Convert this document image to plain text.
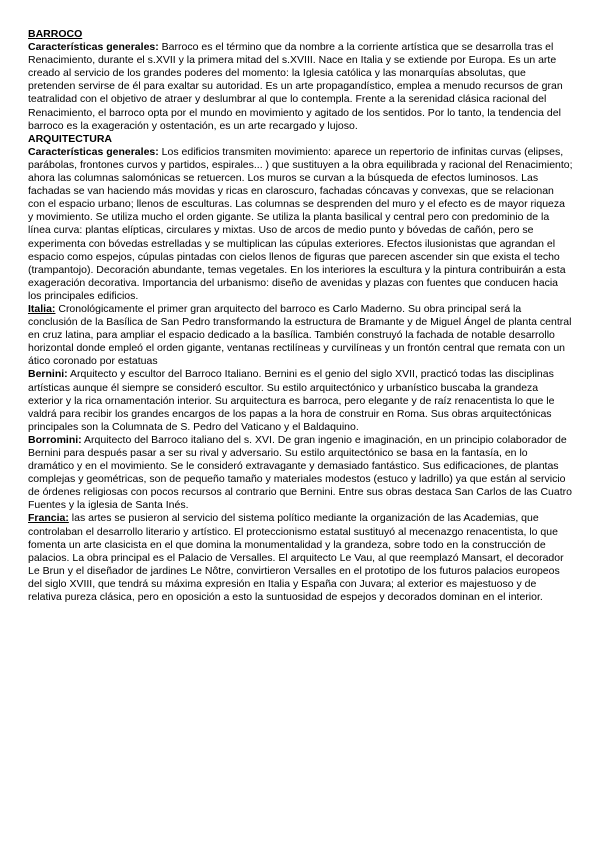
BARROCO

Características generales: Barroco es el término que da nombre a la corriente artística que se desarrolla tras el Renacimiento, durante el s.XVII y la primera mitad del s.XVIII. Nace en Italia y se extiende por Europa. Es un arte creado al servicio de los grandes poderes del momento: la Iglesia católica y las monarquías absolutas, que pretenden servirse de él para exaltar su autoridad. Es un arte propagandístico, emplea a menudo recursos de gran teatralidad con el objetivo de atraer y deslumbrar al que lo contempla. Frente a la serenidad clásica racional del Renacimiento, el barroco opta por el mundo en movimiento y agitado de los sentidos. Por lo tanto, la tendencia del barroco es la exageración y ostentación, es un arte recargado y lujoso.

ARQUITECTURA

Características generales: Los edificios transmiten movimiento: aparece un repertorio de infinitas curvas (elipses, parábolas, frontones curvos y partidos, espirales... ) que sustituyen a la obra equilibrada y racional del Renacimiento; ahora las columnas salomónicas se retuercen. Los muros se curvan a la búsqueda de efectos luminosos. Las fachadas se van haciendo más movidas y ricas en claroscuro, fachadas cóncavas y convexas, que se relacionan con el espacio urbano; llenos de esculturas. Las columnas se desprenden del muro y el efecto es de mayor riqueza y movimiento. Se utiliza mucho el orden gigante. Se utiliza la planta basilical y central pero con predominio de la línea curva: plantas elípticas, circulares y mixtas. Uso de arcos de medio punto y bóvedas de cañón, pero se experimenta con bóvedas estrelladas y se multiplican las cúpulas exteriores. Efectos ilusionistas que agrandan el espacio como espejos, cúpulas pintadas con cielos llenos de figuras que parecen ascender sin que exista el techo (trampantojo). Decoración abundante, temas vegetales. En los interiores la escultura y la pintura contribuirán a esta exageración decorativa. Importancia del urbanismo: diseño de avenidas y plazas con fuentes que conducen hacia los principales edificios.

Italia: Cronológicamente el primer gran arquitecto del barroco es Carlo Maderno. Su obra principal será la conclusión de la Basílica de San Pedro transformando la estructura de Bramante y de Miguel Ángel de planta central en cruz latina, para ampliar el espacio dedicado a la basílica. También construyó la fachada de notable desarrollo horizontal donde empleó el orden gigante, ventanas rectilíneas y curvilíneas y un frontón central que remata con un ático coronado por estatuas

Bernini: Arquitecto y escultor del Barroco Italiano. Bernini es el genio del siglo XVII, practicó todas las disciplinas artísticas aunque él siempre se consideró escultor. Su estilo arquitectónico y urbanístico buscaba la grandeza exterior y la rica ornamentación interior. Su arquitectura es barroca, pero elegante y de raíz renacentista lo que le valdrá para recibir los grandes encargos de los papas a la hora de construir en Roma. Sus obras arquitectónicas principales son la Columnata de S. Pedro del Vaticano y el Baldaquino.

Borromini: Arquitecto del Barroco italiano del s. XVI. De gran ingenio e imaginación, en un principio colaborador de Bernini para después pasar a ser su rival y adversario. Su estilo arquitectónico se basa en la fantasía, en lo dramático y en el movimiento. Se le consideró extravagante y demasiado fantástico. Sus edificaciones, de plantas complejas y geométricas, son de pequeño tamaño y materiales modestos (estuco y ladrillo) ya que están al servicio de órdenes religiosas con pocos recursos al contrario que Bernini. Entre sus obras destaca San Carlos de las Cuatro Fuentes y la iglesia de Santa Inés.

Francia: las artes se pusieron al servicio del sistema político mediante la organización de las Academias, que controlaban el desarrollo literario y artístico. El proteccionismo estatal sustituyó al mecenazgo renacentista, lo que fomenta un arte clasicista en el que domina la monumentalidad y la grandeza, sobre todo en la construcción de palacios. La obra principal es el Palacio de Versalles. El arquitecto Le Vau, al que reemplazó Mansart, el decorador Le Brun y el diseñador de jardines Le Nôtre, convirtieron Versalles en el prototipo de los futuros palacios europeos del siglo XVIII, que tendrá su máxima expresión en Italia y España con Juvara; al exterior es majestuoso y de relativa pureza clásica, pero en oposición a esto la suntuosidad de espejos y decorados dominan en el interior.
